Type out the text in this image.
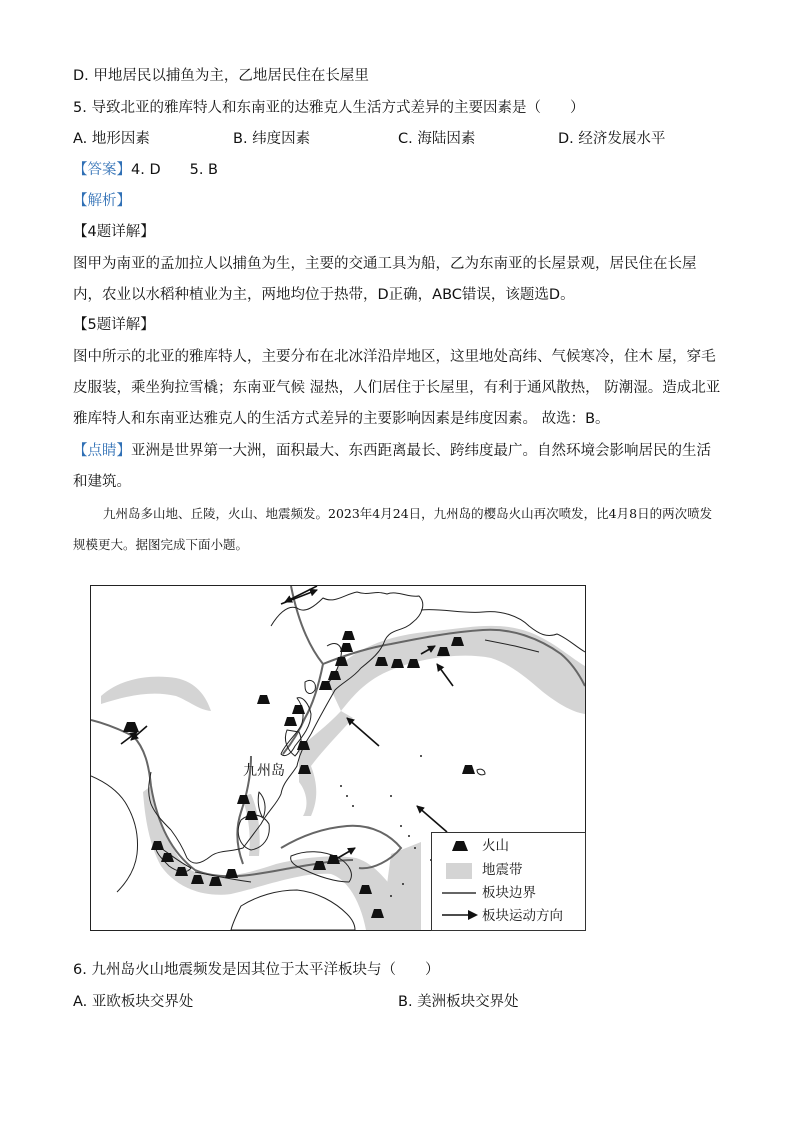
D. 甲地居民以捕鱼为主，乙地居民住在长屋里
5. 导致北亚的雅库特人和东南亚的达雅克人生活方式差异的主要因素是（　　）
A. 地形因素	B. 纬度因素	C. 海陆因素	D. 经济发展水平
【答案】4. D　　5. B
【解析】
【4题详解】
图甲为南亚的孟加拉人以捕鱼为生，主要的交通工具为船，乙为东南亚的长屋景观，居民住在长屋内，农业以水稻种植业为主，两地均位于热带，D正确，ABC错误，该题选D。
【5题详解】
图中所示的北亚的雅库特人，主要分布在北冰洋沿岸地区，这里地处高纬、气候寒冷，住木 屋，穿毛皮服装，乘坐狗拉雪橇；东南亚气候 湿热，人们居住于长屋里，有利于通风散热， 防潮湿。造成北亚雅库特人和东南亚达雅克人的生活方式差异的主要影响因素是纬度因素。 故选：B。
【点睛】亚洲是世界第一大洲，面积最大、东西距离最长、跨纬度最广。自然环境会影响居民的生活和建筑。
九州岛多山地、丘陵，火山、地震频发。2023年4月24日，九州岛的樱岛火山再次喷发，比4月8日的两次喷发规模更大。据图完成下面小题。
九州岛
火山
地震带
板块边界
板块运动方向
6. 九州岛火山地震频发是因其位于太平洋板块与（　　）
A. 亚欧板块交界处	B. 美洲板块交界处
